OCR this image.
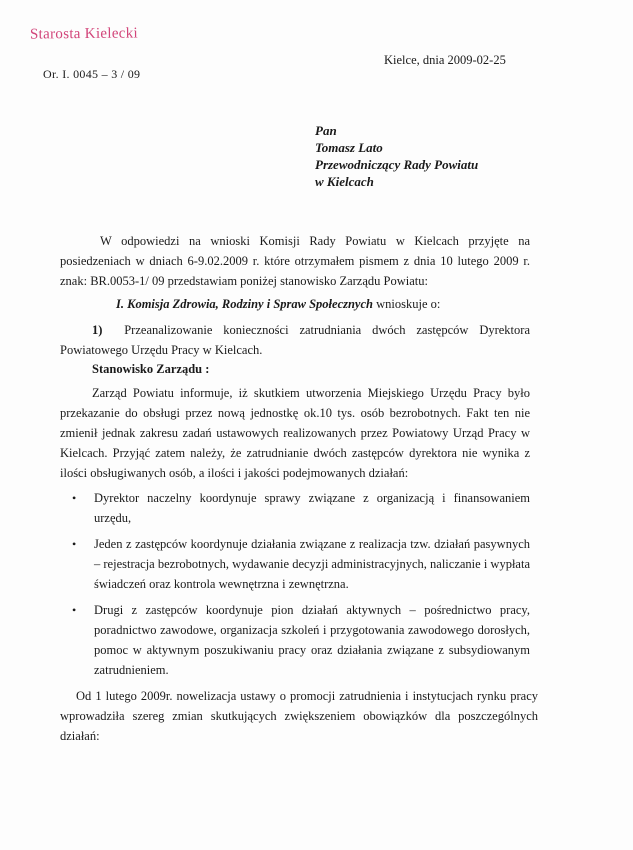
Starosta Kielecki
Kielce, dnia 2009-02-25
Or. I. 0045 – 3 / 09
Pan
Tomasz Lato
Przewodniczący Rady Powiatu
w Kielcach
W odpowiedzi na wnioski Komisji Rady Powiatu w Kielcach przyjęte na posiedzeniach w dniach 6-9.02.2009 r. które otrzymałem pismem z dnia 10 lutego 2009 r. znak: BR.0053-1/ 09 przedstawiam poniżej stanowisko Zarządu Powiatu:
I. Komisja Zdrowia, Rodziny i Spraw Społecznych wnioskuje o:
1) Przeanalizowanie konieczności zatrudniania dwóch zastępców Dyrektora Powiatowego Urzędu Pracy w Kielcach.
Stanowisko Zarządu :
Zarząd Powiatu informuje, iż skutkiem utworzenia Miejskiego Urzędu Pracy było przekazanie do obsługi przez nową jednostkę ok.10 tys. osób bezrobotnych. Fakt ten nie zmienił jednak zakresu zadań ustawowych realizowanych przez Powiatowy Urząd Pracy w Kielcach. Przyjąć zatem należy, że zatrudnianie dwóch zastępców dyrektora nie wynika z ilości obsługiwanych osób, a ilości i jakości podejmowanych działań:
• Dyrektor naczelny koordynuje sprawy związane z organizacją i finansowaniem urzędu,
• Jeden z zastępców koordynuje działania związane z realizacja tzw. działań pasywnych – rejestracja bezrobotnych, wydawanie decyzji administracyjnych, naliczanie i wypłata świadczeń oraz kontrola wewnętrzna i zewnętrzna.
• Drugi z zastępców koordynuje pion działań aktywnych – pośrednictwo pracy, poradnictwo zawodowe, organizacja szkoleń i przygotowania zawodowego dorosłych, pomoc w aktywnym poszukiwaniu pracy oraz działania związane z subsydiowanym zatrudnieniem.
Od 1 lutego 2009r. nowelizacja ustawy o promocji zatrudnienia i instytucjach rynku pracy wprowadziła szereg zmian skutkujących zwiększeniem obowiązków dla poszczególnych działań:
